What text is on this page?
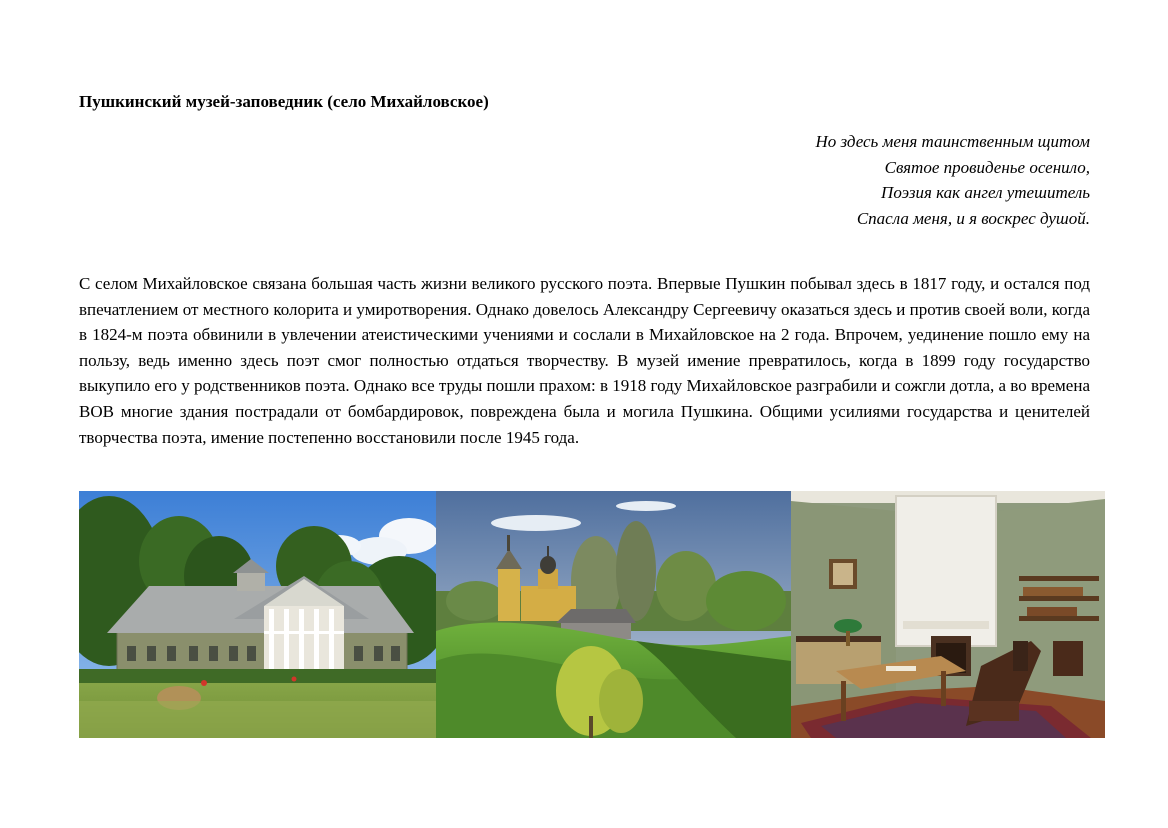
Пушкинский музей-заповедник (село Михайловское)
Но здесь меня таинственным щитом
Святое провиденье осенило,
Поэзия как ангел утешитель
Спасла меня, и я воскрес душой.
С селом Михайловское связана большая часть жизни великого русского поэта. Впервые Пушкин побывал здесь в 1817 году, и остался под впечатлением от местного колорита и умиротворения. Однако довелось Александру Сергеевичу оказаться здесь и против своей воли, когда в 1824-м поэта обвинили в увлечении атеистическими учениями и сослали в Михайловское на 2 года. Впрочем, уединение пошло ему на пользу, ведь именно здесь поэт смог полностью отдаться творчеству. В музей имение превратилось, когда в 1899 году государство выкупило его у родственников поэта. Однако все труды пошли прахом: в 1918 году Михайловское разграбили и сожгли дотла, а во времена ВОВ многие здания пострадали от бомбардировок, повреждена была и могила Пушкина. Общими усилиями государства и ценителей творчества поэта, имение постепенно восстановили после 1945 года.
